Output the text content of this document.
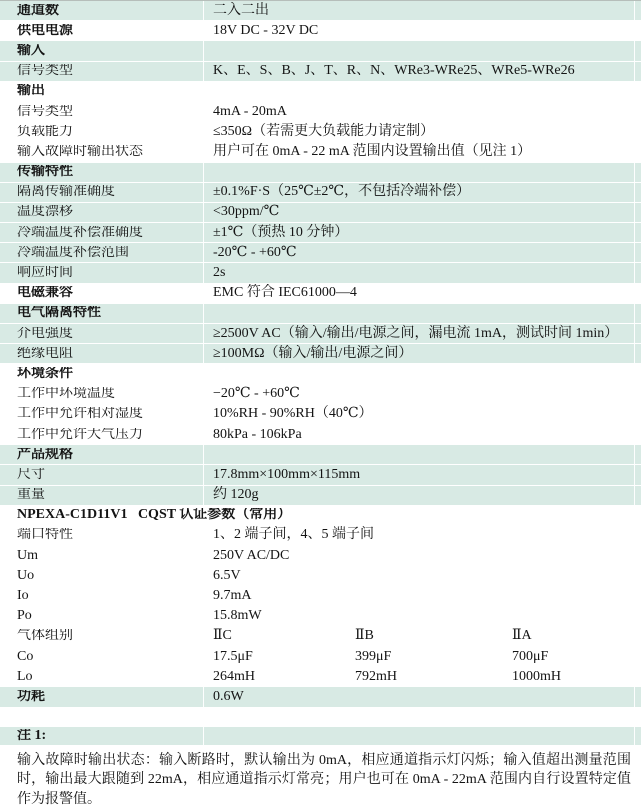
通道数	二入二出
供电电源	18V DC - 32V DC
输入
信号类型	K、E、S、B、J、T、R、N、WRe3-WRe25、WRe5-WRe26
输出
信号类型	4mA - 20mA
负载能力	≤350Ω（若需更大负载能力请定制）
输入故障时输出状态	用户可在 0mA - 22 mA 范围内设置输出值（见注 1）
传输特性
隔离传输准确度	±0.1%F·S（25℃±2℃，不包括冷端补偿）
温度漂移	<30ppm/℃
冷端温度补偿准确度	±1℃（预热 10 分钟）
冷端温度补偿范围	-20℃ - +60℃
响应时间	2s
电磁兼容	EMC 符合 IEC61000—4
电气隔离特性
介电强度	≥2500V AC（输入/输出/电源之间，漏电流 1mA，测试时间 1min）
绝缘电阻	≥100MΩ（输入/输出/电源之间）
环境条件
工作中环境温度	−20℃ - +60℃
工作中允许相对湿度	10%RH - 90%RH（40℃）
工作中允许大气压力	80kPa - 106kPa
产品规格
尺寸	17.8mm×100mm×115mm
重量	约 120g
NPEXA-C1D11V1   CQST 认证参数（常用）
端口特性	1、2 端子间，4、5 端子间
Um	250V AC/DC
Uo	6.5V
Io	9.7mA
Po	15.8mW
气体组别	ⅡC	ⅡB	ⅡA
Co	17.5μF	399μF	700μF
Lo	264mH	792mH	1000mH
功耗	0.6W
注 1:
输入故障时输出状态：输入断路时，默认输出为 0mA，相应通道指示灯闪烁；输入值超出测量范围时，输出最大跟随到 22mA，相应通道指示灯常亮；用户也可在 0mA - 22mA 范围内自行设置特定值作为报警值。
